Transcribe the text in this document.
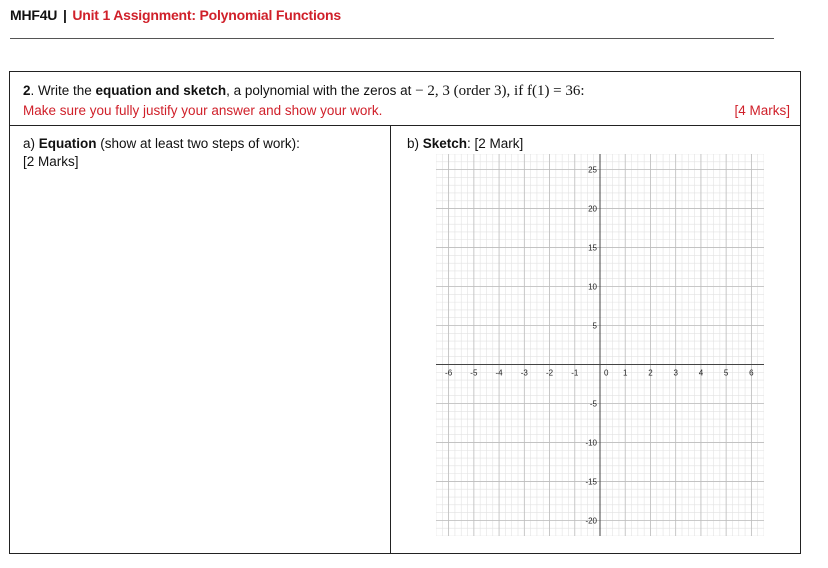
MHF4U | Unit 1 Assignment: Polynomial Functions
2. Write the equation and sketch, a polynomial with the zeros at − 2, 3 (order 3), if f(1) = 36:
Make sure you fully justify your answer and show your work.	[4 Marks]
a) Equation (show at least two steps of work):
[2 Marks]
b) Sketch: [2 Mark]
-6 -5 -4 -3 -2 -1	1	2	3	4	5	6
0
25
20
15
10
5
-5
-10
-15
-20
